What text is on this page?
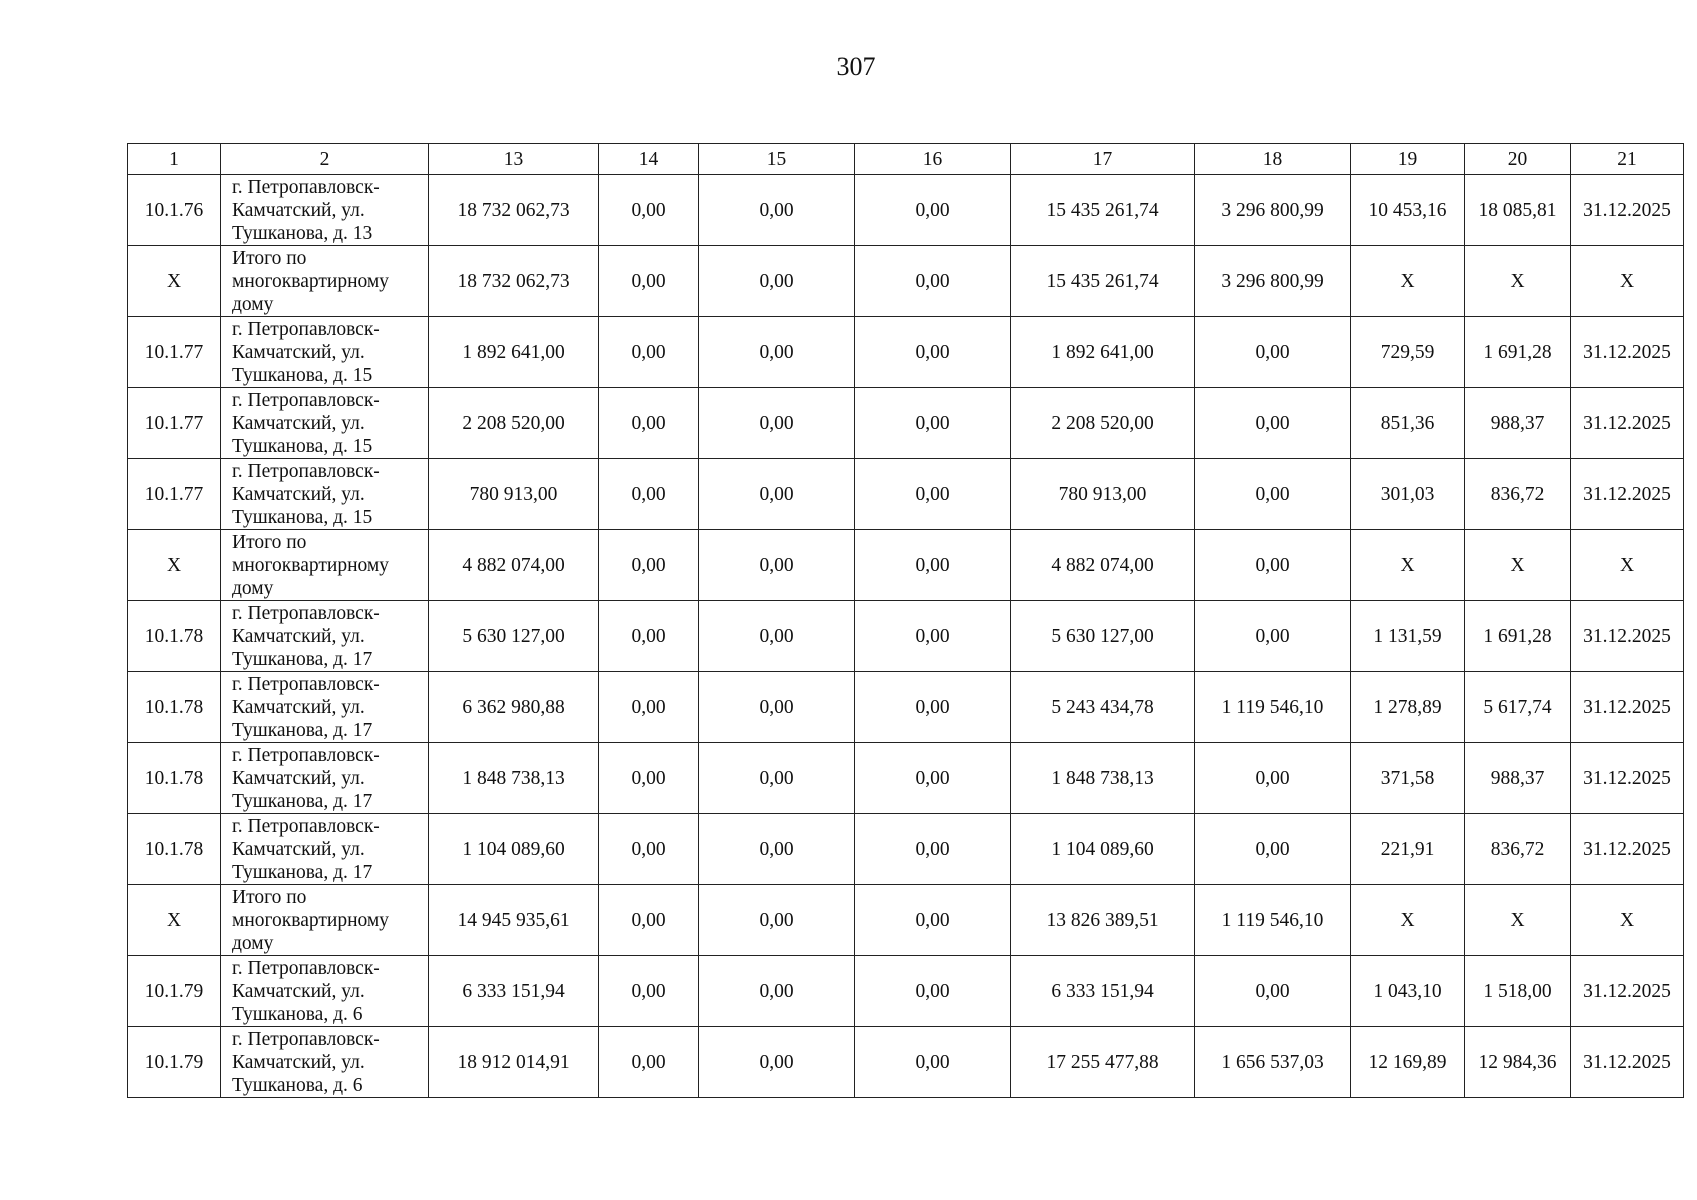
307
1	2	13	14	15	16	17	18	19	20	21
10.1.76	г. Петропавловск-
Камчатский, ул.
Тушканова, д. 13	18 732 062,73	0,00	0,00	0,00	15 435 261,74	3 296 800,99	10 453,16	18 085,81	31.12.2025
X	Итого по
многоквартирному
дому	18 732 062,73	0,00	0,00	0,00	15 435 261,74	3 296 800,99	X	X	X
10.1.77	г. Петропавловск-
Камчатский, ул.
Тушканова, д. 15	1 892 641,00	0,00	0,00	0,00	1 892 641,00	0,00	729,59	1 691,28	31.12.2025
10.1.77	г. Петропавловск-
Камчатский, ул.
Тушканова, д. 15	2 208 520,00	0,00	0,00	0,00	2 208 520,00	0,00	851,36	988,37	31.12.2025
10.1.77	г. Петропавловск-
Камчатский, ул.
Тушканова, д. 15	780 913,00	0,00	0,00	0,00	780 913,00	0,00	301,03	836,72	31.12.2025
X	Итого по
многоквартирному
дому	4 882 074,00	0,00	0,00	0,00	4 882 074,00	0,00	X	X	X
10.1.78	г. Петропавловск-
Камчатский, ул.
Тушканова, д. 17	5 630 127,00	0,00	0,00	0,00	5 630 127,00	0,00	1 131,59	1 691,28	31.12.2025
10.1.78	г. Петропавловск-
Камчатский, ул.
Тушканова, д. 17	6 362 980,88	0,00	0,00	0,00	5 243 434,78	1 119 546,10	1 278,89	5 617,74	31.12.2025
10.1.78	г. Петропавловск-
Камчатский, ул.
Тушканова, д. 17	1 848 738,13	0,00	0,00	0,00	1 848 738,13	0,00	371,58	988,37	31.12.2025
10.1.78	г. Петропавловск-
Камчатский, ул.
Тушканова, д. 17	1 104 089,60	0,00	0,00	0,00	1 104 089,60	0,00	221,91	836,72	31.12.2025
X	Итого по
многоквартирному
дому	14 945 935,61	0,00	0,00	0,00	13 826 389,51	1 119 546,10	X	X	X
10.1.79	г. Петропавловск-
Камчатский, ул.
Тушканова, д. 6	6 333 151,94	0,00	0,00	0,00	6 333 151,94	0,00	1 043,10	1 518,00	31.12.2025
10.1.79	г. Петропавловск-
Камчатский, ул.
Тушканова, д. 6	18 912 014,91	0,00	0,00	0,00	17 255 477,88	1 656 537,03	12 169,89	12 984,36	31.12.2025
